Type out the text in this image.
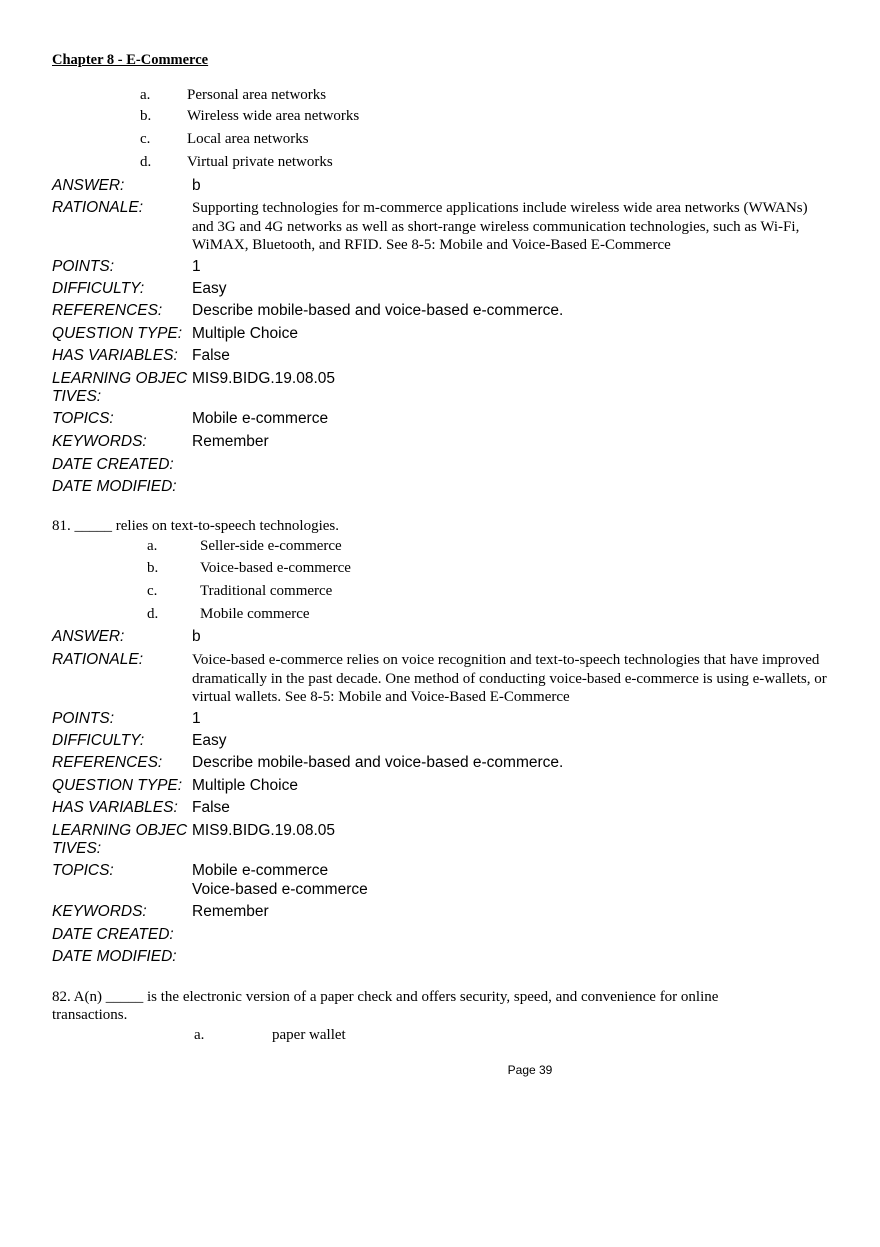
Chapter 8 - E-Commerce
a. Personal area networks
b. Wireless wide area networks
c. Local area networks
d. Virtual private networks
ANSWER:	b
RATIONALE:	Supporting technologies for m-commerce applications include wireless wide area networks (WWANs) and 3G and 4G networks as well as short-range wireless communication technologies, such as Wi-Fi, WiMAX, Bluetooth, and RFID. See 8-5: Mobile and Voice-Based E-Commerce
POINTS:	1
DIFFICULTY:	Easy
REFERENCES: Describe mobile-based and voice-based e-commerce.
QUESTION TYPE: Multiple Choice
HAS VARIABLES: False
LEARNING OBJEC
TIVES:
MIS9.BIDG.19.08.05
TOPICS:	Mobile e-commerce
KEYWORDS:	Remember
DATE CREATED:
DATE MODIFIED:
81. _____ relies on text-to-speech technologies.
a.	Seller-side e-commerce
b.	Voice-based e-commerce
c.	Traditional commerce
d.	Mobile commerce
ANSWER:	b
RATIONALE:	Voice-based e-commerce relies on voice recognition and text-to-speech technologies that have improved dramatically in the past decade. One method of conducting voice-based e-commerce is using e-wallets, or virtual wallets. See 8-5: Mobile and Voice-Based E-Commerce
POINTS:	1
DIFFICULTY:	Easy
REFERENCES: Describe mobile-based and voice-based e-commerce.
QUESTION TYPE: Multiple Choice
HAS VARIABLES: False
LEARNING OBJEC
TIVES:
MIS9.BIDG.19.08.05
TOPICS:	Mobile e-commerce
Voice-based e-commerce
KEYWORDS:	Remember
DATE CREATED:
DATE MODIFIED:
82. A(n) _____ is the electronic version of a paper check and offers security, speed, and convenience for online transactions.
a.	paper wallet
Page 39
